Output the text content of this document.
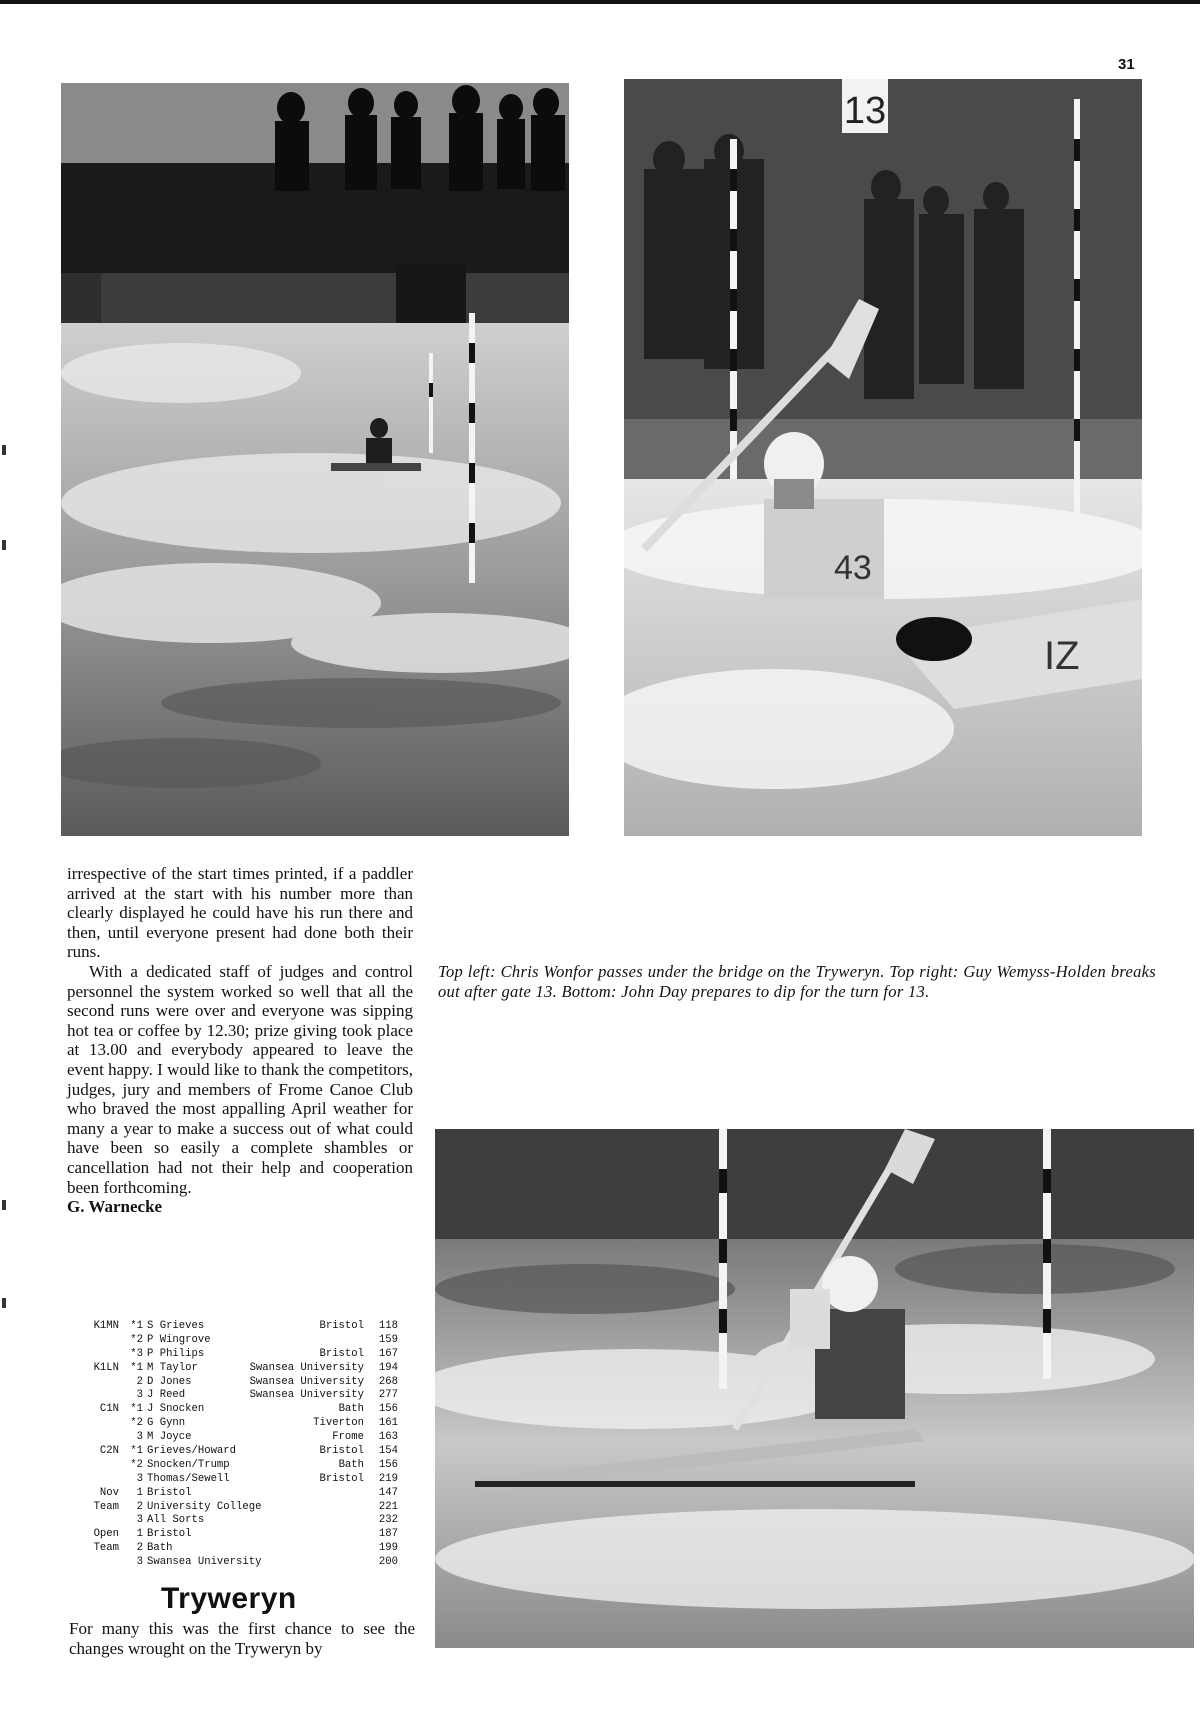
31
13
IZ
43

irrespective of the start times printed, if a paddler arrived at the start with his number more than clearly displayed he could have his run there and then, until everyone present had done both their runs.

With a dedicated staff of judges and control personnel the system worked so well that all the second runs were over and everyone was sipping hot tea or coffee by 12.30; prize giving took place at 13.00 and everybody appeared to leave the event happy. I would like to thank the competitors, judges, jury and members of Frome Canoe Club who braved the most appalling April weather for many a year to make a success out of what could have been so easily a complete shambles or cancellation had not their help and cooperation been forthcoming.

G. Warnecke

Top left: Chris Wonfor passes under the bridge on the Tryweryn. Top right: Guy Wemyss-Holden breaks out after gate 13. Bottom: John Day prepares to dip for the turn for 13.
K1MN	*1 S Grieves	Bristol	118
*2 P Wingrove	159
*3 P Philips	Bristol	167
K1LN	*1 M Taylor	Swansea University	194
2 D Jones	Swansea University	268
3 J Reed	Swansea University	277
C1N	*1 J Snocken	Bath	156
*2 G Gynn	Tiverton	161
3 M Joyce	Frome	163
C2N	*1 Grieves/Howard	Bristol	154
*2 Snocken/Trump	Bath	156
3 Thomas/Sewell	Bristol	219
Nov	1 Bristol	147
Team	2 University College	221
3 All Sorts	232
Open	1 Bristol	187
Team	2 Bath	199
3 Swansea University	200
Tryweryn
For many this was the first chance to see the changes wrought on the Tryweryn by
